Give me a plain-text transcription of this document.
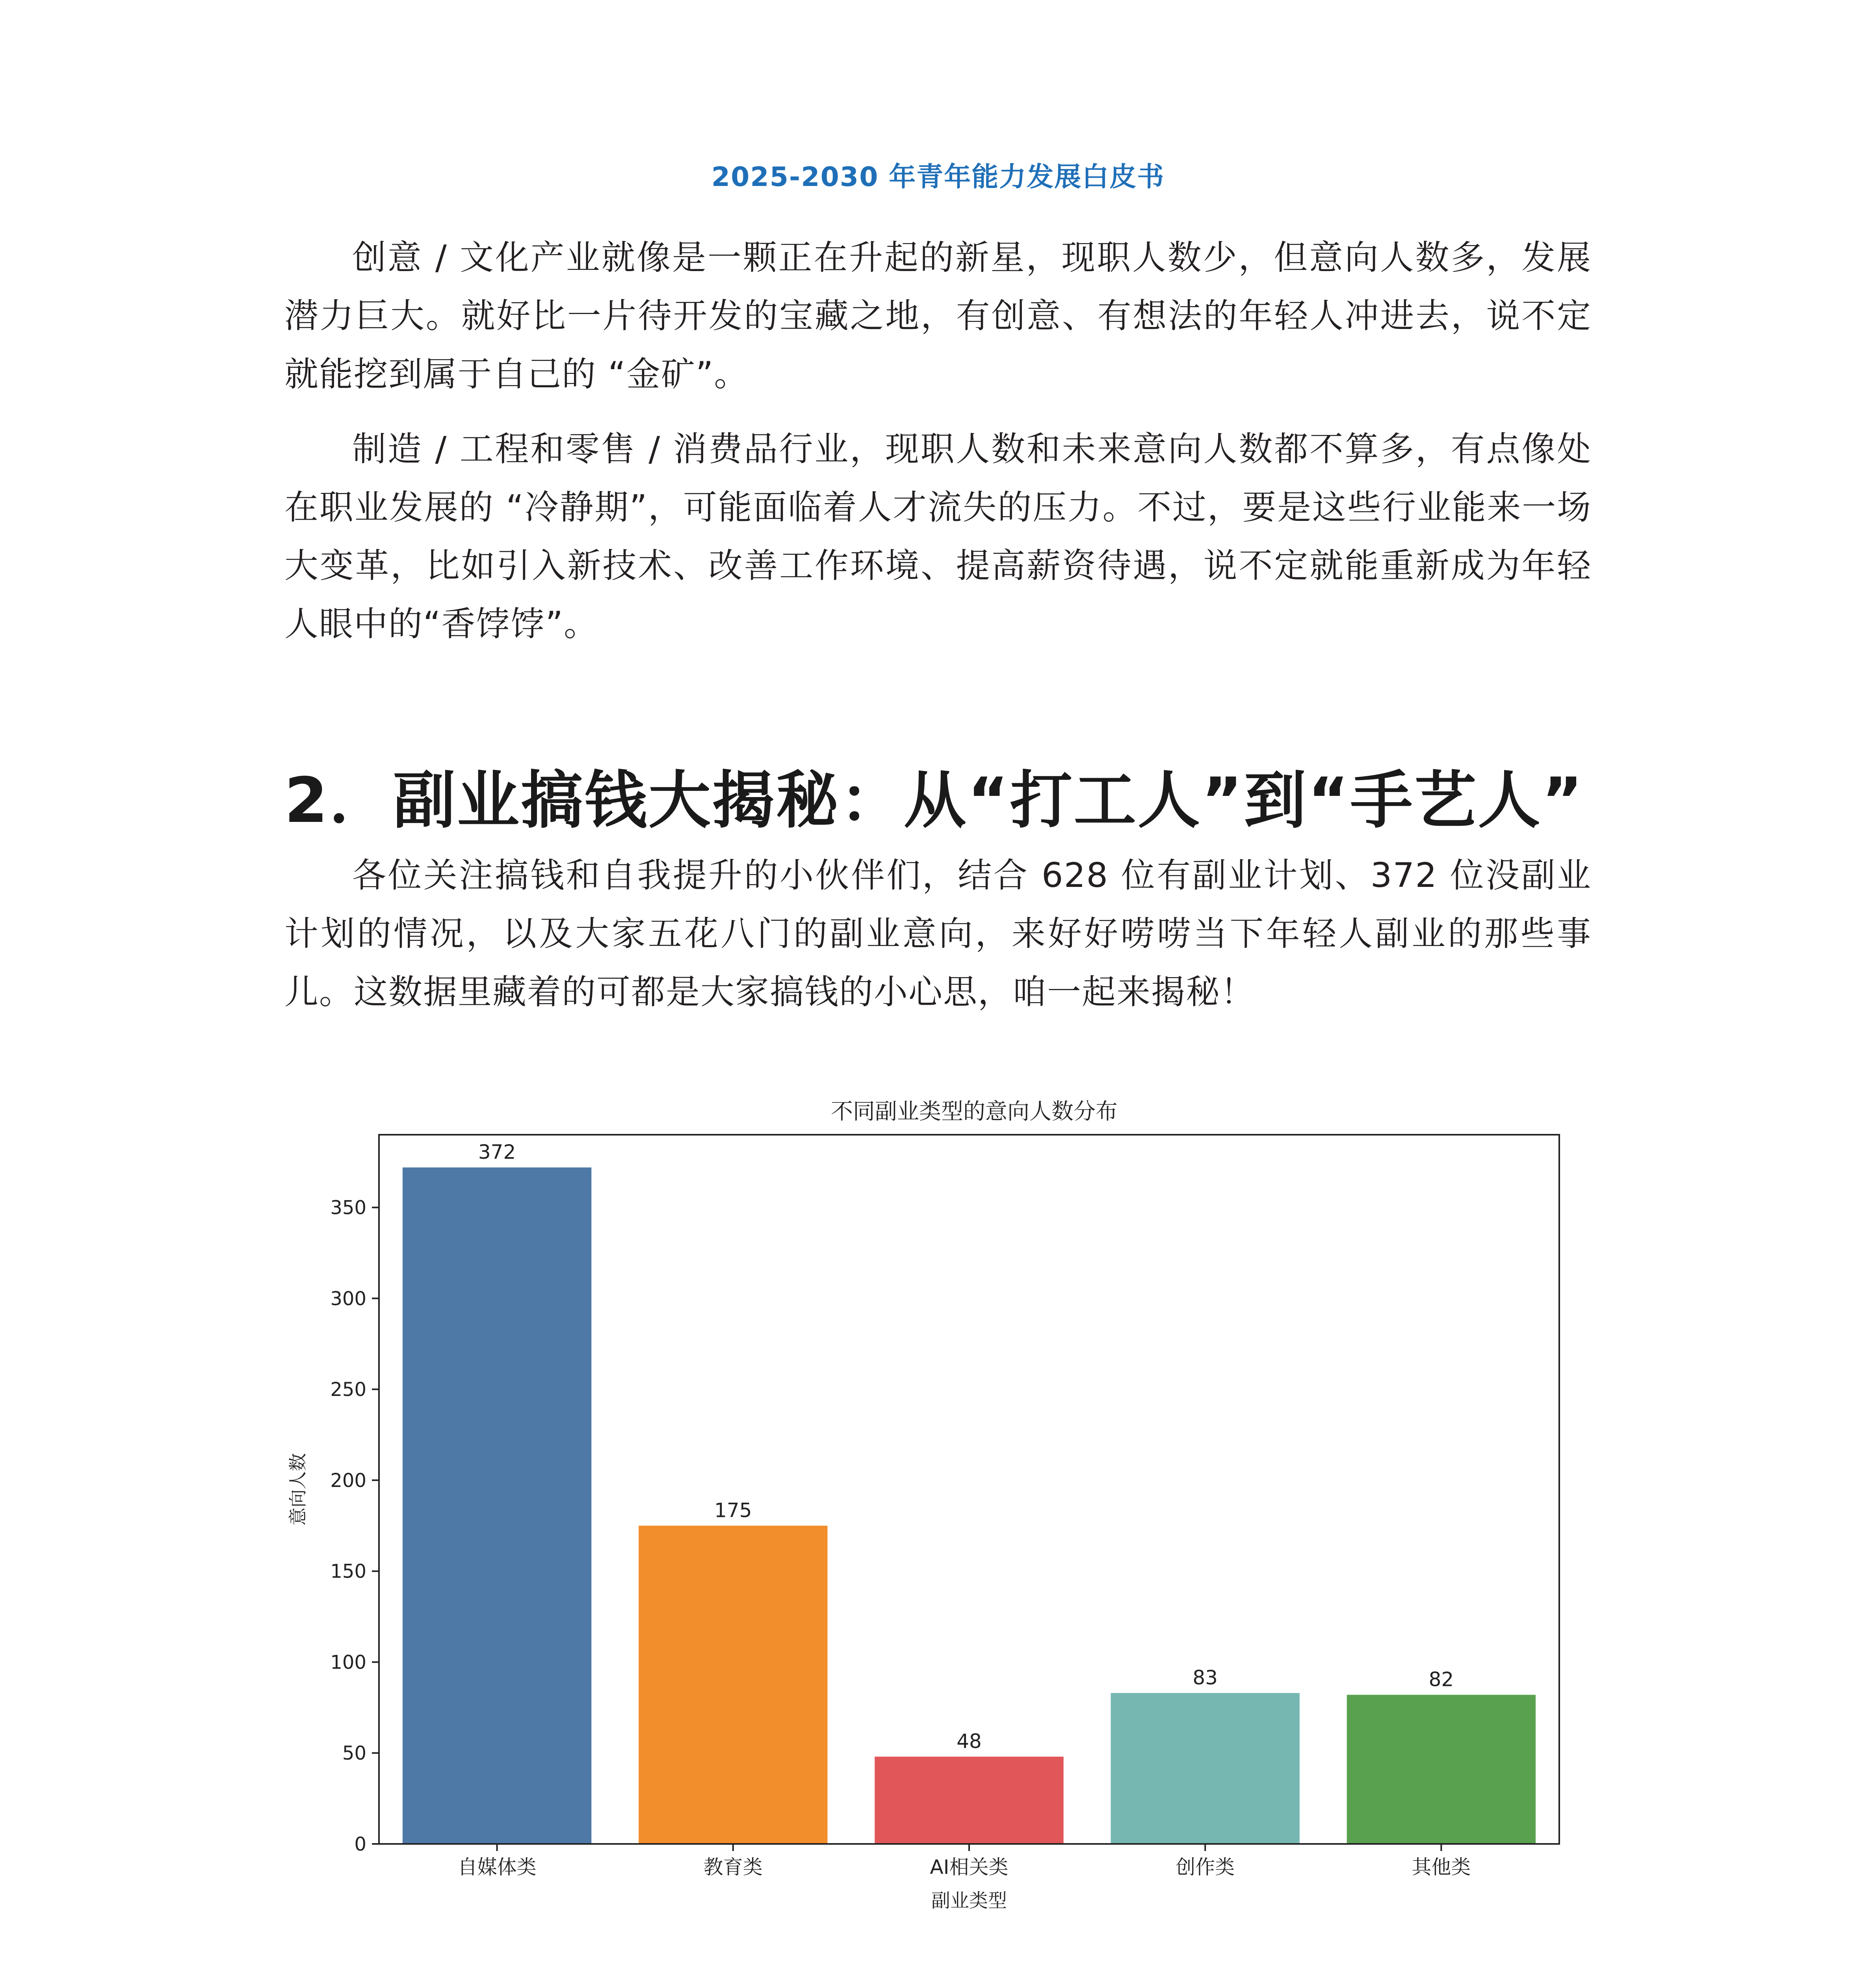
2025-2030 年青年能力发展白皮书

创意 / 文化产业就像是一颗正在升起的新星，现职人数少，但意向人数多，发展潜力巨大。就好比一片待开发的宝藏之地，有创意、有想法的年轻人冲进去，说不定就能挖到属于自己的 “金矿”。

制造 / 工程和零售 / 消费品行业，现职人数和未来意向人数都不算多，有点像处在职业发展的 “冷静期”，可能面临着人才流失的压力。不过，要是这些行业能来一场大变革，比如引入新技术、改善工作环境、提高薪资待遇，说不定就能重新成为年轻人眼中的“香饽饽”。

2．副业搞钱大揭秘：从“打工人”到“手艺人”

各位关注搞钱和自我提升的小伙伴们，结合 628 位有副业计划、372 位没副业计划的情况，以及大家五花八门的副业意向，来好好唠唠当下年轻人副业的那些事儿。这数据里藏着的可都是大家搞钱的小心思，咱一起来揭秘！

不同副业类型的意向人数分布
0
50
100
150
200
250
300
350
372
175
48
83	82
自媒体类	教育类	AI相关类	创作类	其他类
意向人数
副业类型
